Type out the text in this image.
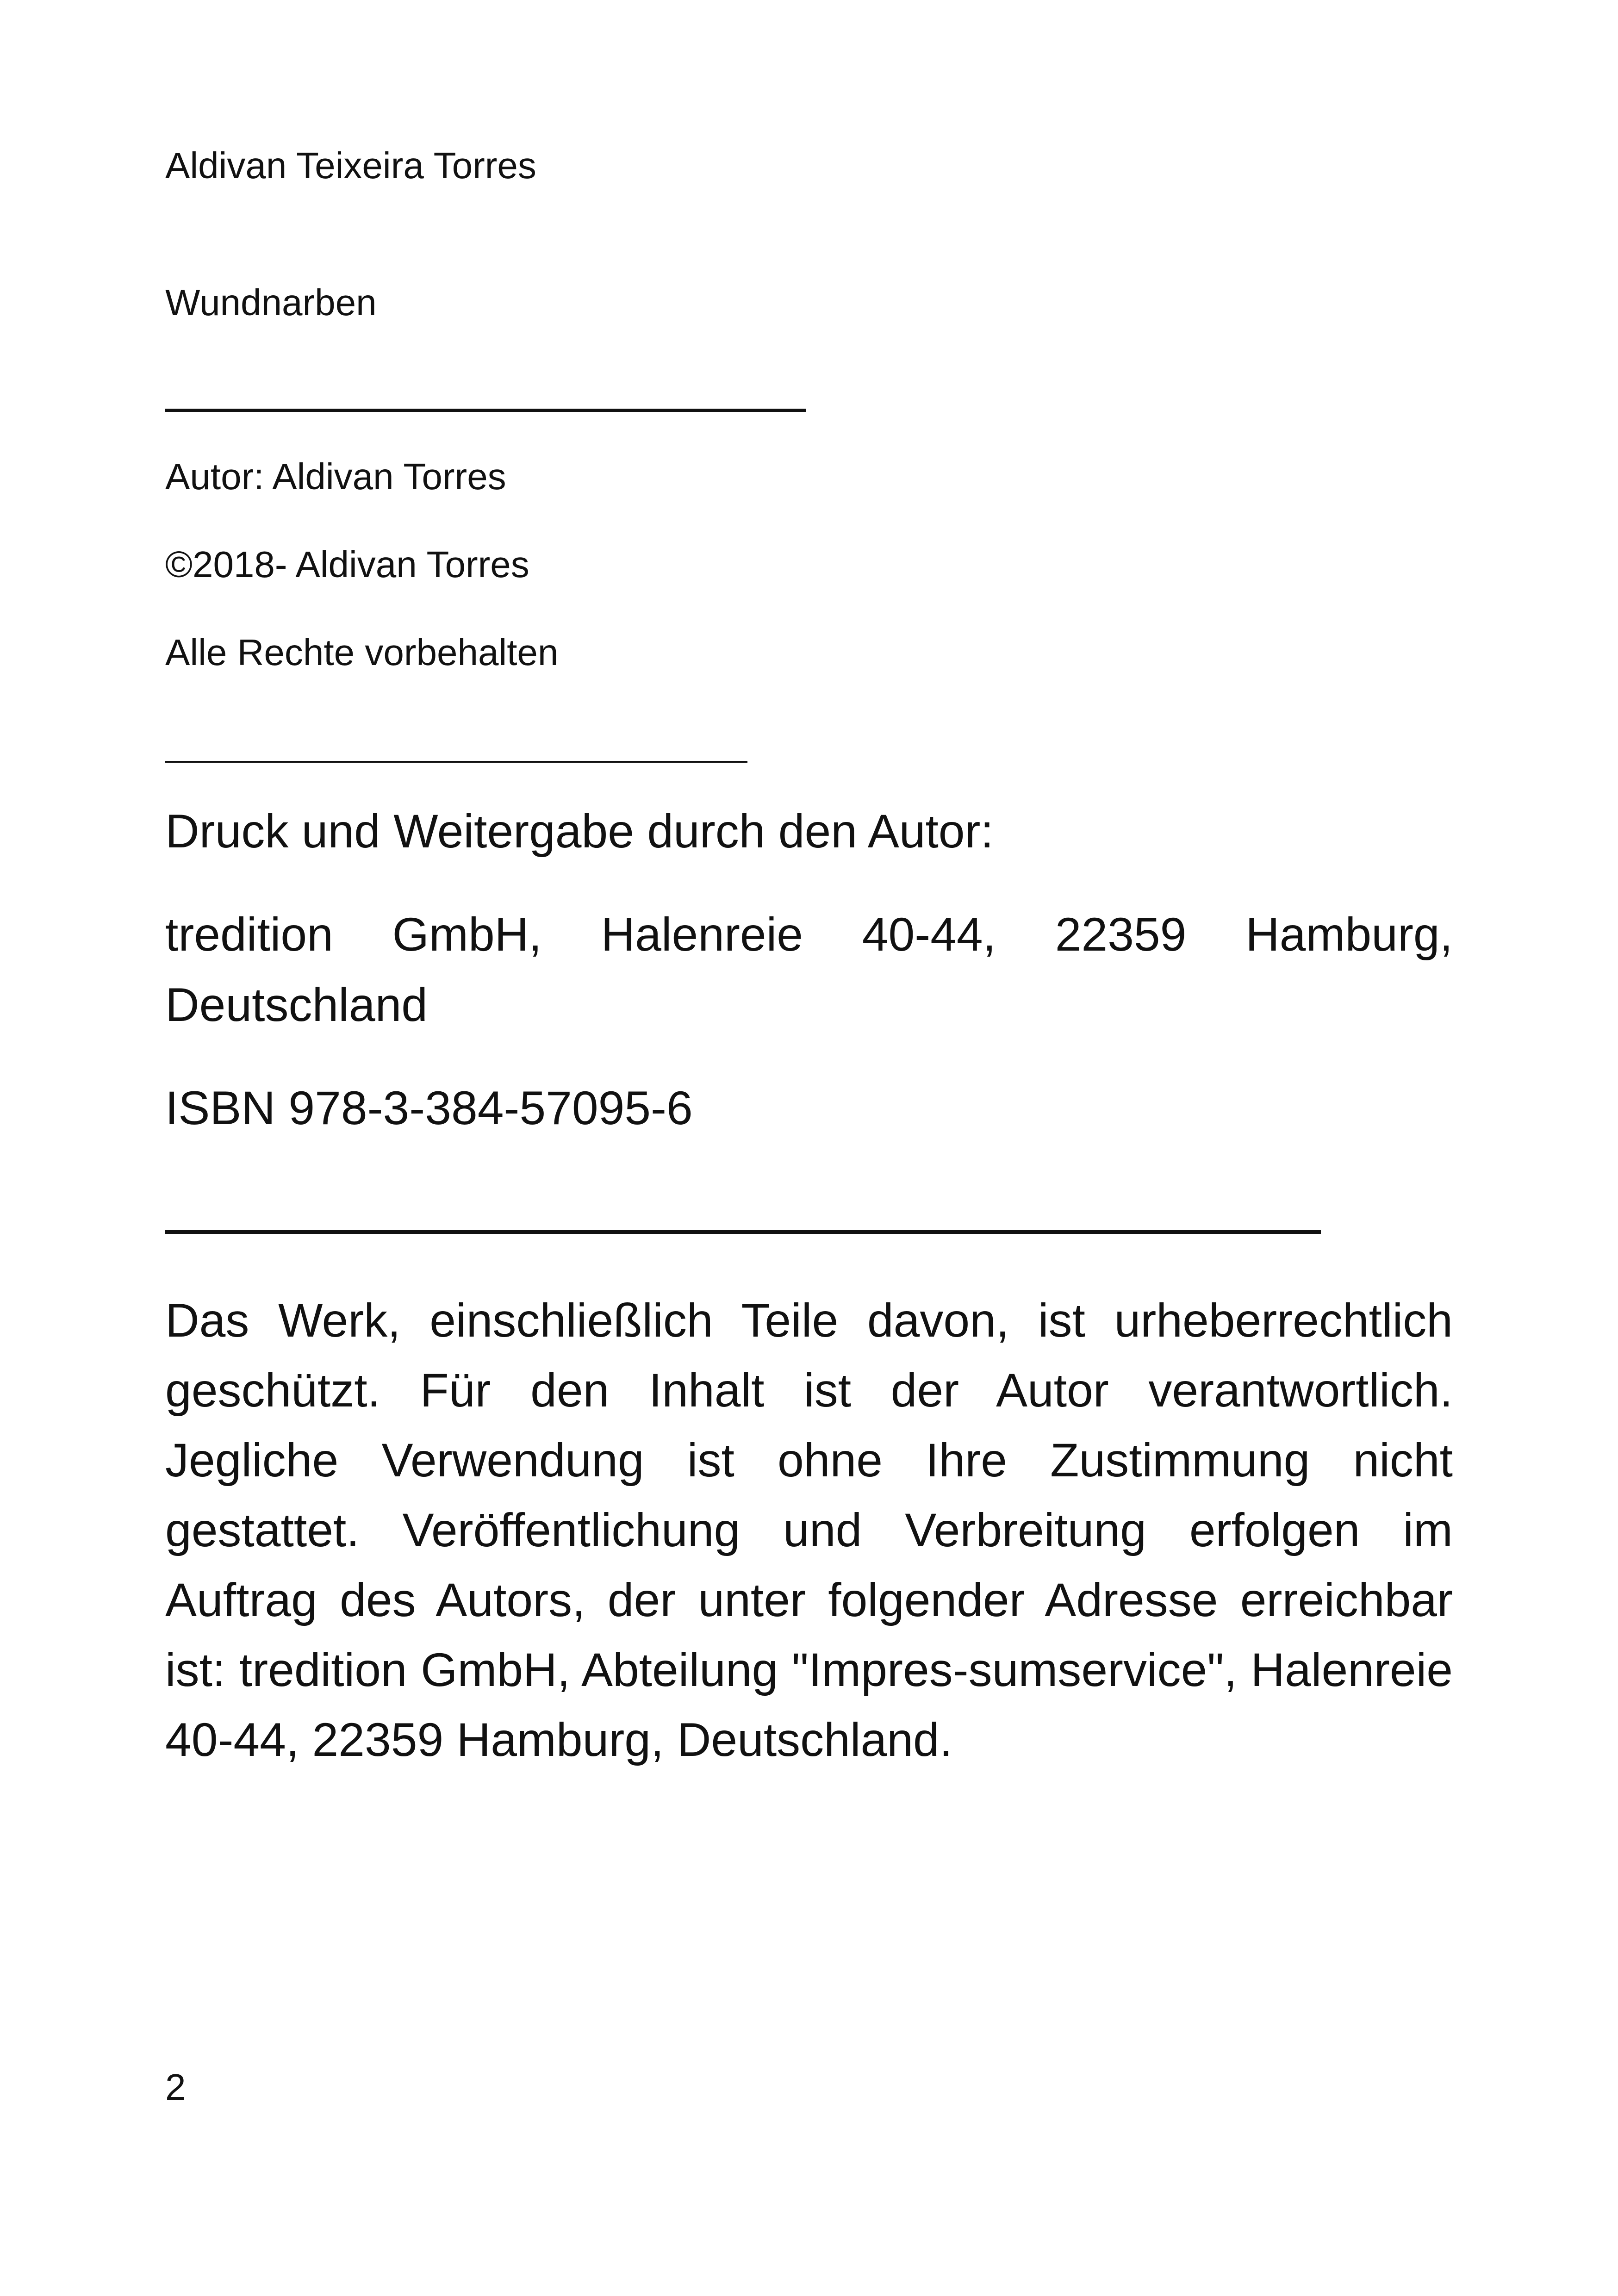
Aldivan Teixeira Torres
Wundnarben
Autor: Aldivan Torres
©2018- Aldivan Torres
Alle Rechte vorbehalten
Druck und Weitergabe durch den Autor:
tredition GmbH, Halenreie 40-44, 22359 Hamburg,
Deutschland
ISBN 978-3-384-57095-6
Das Werk, einschließlich Teile davon, ist urheberrechtlich geschützt. Für den Inhalt ist der Autor verantwortlich. Jegliche Verwendung ist ohne Ihre Zustimmung nicht gestattet. Veröffentlichung und Verbreitung erfolgen im Auftrag des Autors, der unter folgender Adresse erreichbar ist: tredition GmbH, Abteilung "Impres-sumservice", Halenreie 40-44, 22359 Hamburg, Deutschland.
2
